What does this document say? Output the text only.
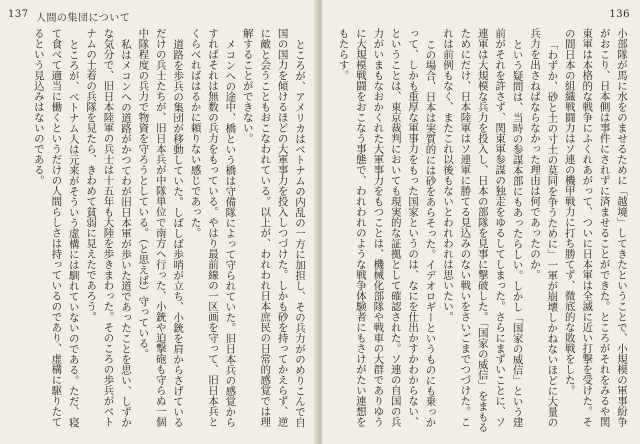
137 人間の集団について

ところが、アメリカはベトナムの内乱の一方に加担し、その兵力がのめりこんで自国の国力を傾けるほどの大軍事力を投入しつづけた。しかも砂を持ってかえらず、逆に敵と会うこともおこなわれている。以上が、われわれ日本庶民の日常的感覚では理解することができない。

メコンへの途中、橋という橋は守備隊によって守られていた。旧日本兵の感覚からすればそれは無数の兵力をもっている。やはり最前線の一区画を守って、旧日本兵とくらべればはるかに頼りない感じであった。

道路を歩兵の集団が移動していた。しばしば歩哨が立ち、小銃を肩からさげているだけの兵士たちが、旧日本兵が中隊単位で南方へ行った、小銃や迫撃砲も守らぬ一個中隊程度の兵力で物資を守ろうとしている。（と思えば）守っている。

私はメコンへの道路がかつてわが旧日本軍が歩いた道であったことを思い、しずかな気分で、旧日本陸軍の兵士は十五年も大陸を歩きまわった。そのころの歩兵がベトナムの土着の兵隊を見たら、きわめて貧弱に見えたであろう。

ところが、ベトナム人は元来がそういう虚構には馴れていないのである。ただ、寝て食べて適当に働くというだけの人間らしさは持っているのであり、虚構に駆りたてるという見込みはないのである。

136

小部隊が馬に水をのませるために「越境」してきたということで、小規模の軍事紛争がおこり、日本側は事件にされずに済ませることができた。ところがそれをみるや関東軍は本格的な戦争にふくれあがって、ついに日本軍は全滅に近い打撃を受けた。その間日本の組織戦闘力はソ連の機甲戦力に打ち勝てず、微底的な敗戦をした。

「わずか、砂と土の寸土の莫同を争うために」一軍が崩壊しかねないほどに大量の兵力を出さねばならなかった理由は何であったのか。

という疑問は、当時の参謀本部にもあったらしい。しかし「国家の威信」という建前がそれを許さず、関東軍参謀の独走をゆるしてしまった。さらにまずいことに、ソ連軍は大規模な兵力を投入し、日本の部隊を見事に撃破した。「国家の威信」をまもるためにだけ、日本陸軍はソ連軍に勝てる見込みのない戦いをさいごまでつづけた。これは前例もなく、またこれ以後もないとわれわれは思いたい。

この場合、日本は実質的には砂をあらそった。イデオロギーというものにも乗っかって、しかも重厚な軍事力をもった国家というのは、なにを仕出かすかわからない、ということは、東京裁判においても現実的な証拠として確認された。ソ連の自国の兵力がいまもなおかくれた大軍事力をもつことは、機械化部隊や戦車の大群でありゆうに大規模戦闘をおこなう事態で、われわれのような戦争体験者にもさけがたい連想をもたらす。
